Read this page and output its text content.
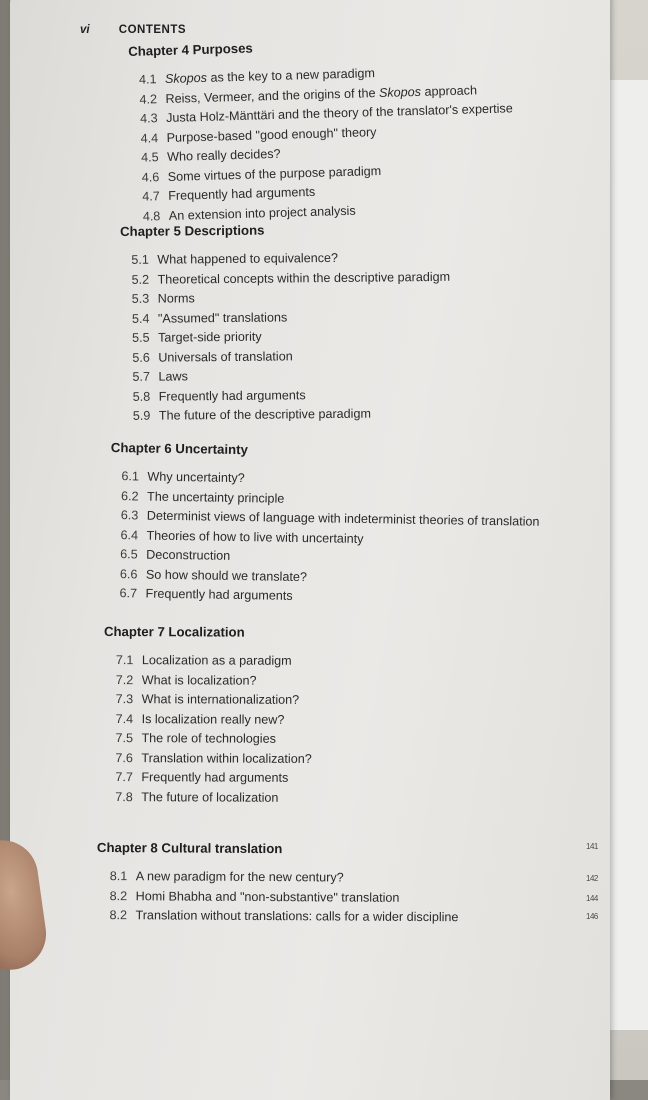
vi	CONTENTS
Chapter 4 Purposes
4.1 Skopos as the key to a new paradigm
4.2 Reiss, Vermeer, and the origins of the Skopos approach
4.3 Justa Holz-Mänttäri and the theory of the translator's expertise
4.4 Purpose-based "good enough" theory
4.5 Who really decides?
4.6 Some virtues of the purpose paradigm
4.7 Frequently had arguments
4.8 An extension into project analysis
Chapter 5 Descriptions
5.1 What happened to equivalence?
5.2 Theoretical concepts within the descriptive paradigm
5.3 Norms
5.4 "Assumed" translations
5.5 Target-side priority
5.6 Universals of translation
5.7 Laws
5.8 Frequently had arguments
5.9 The future of the descriptive paradigm
Chapter 6 Uncertainty
6.1 Why uncertainty?
6.2 The uncertainty principle
6.3 Determinist views of language with indeterminist theories of translation
6.4 Theories of how to live with uncertainty
6.5 Deconstruction
6.6 So how should we translate?
6.7 Frequently had arguments
Chapter 7 Localization
7.1 Localization as a paradigm
7.2 What is localization?
7.3 What is internationalization?
7.4 Is localization really new?
7.5 The role of technologies
7.6 Translation within localization?
7.7 Frequently had arguments
7.8 The future of localization
Chapter 8 Cultural translation
8.1 A new paradigm for the new century?
8.2 Homi Bhabha and "non-substantive" translation
8.2 Translation without translations: calls for a wider discipline
141
142
144
146
